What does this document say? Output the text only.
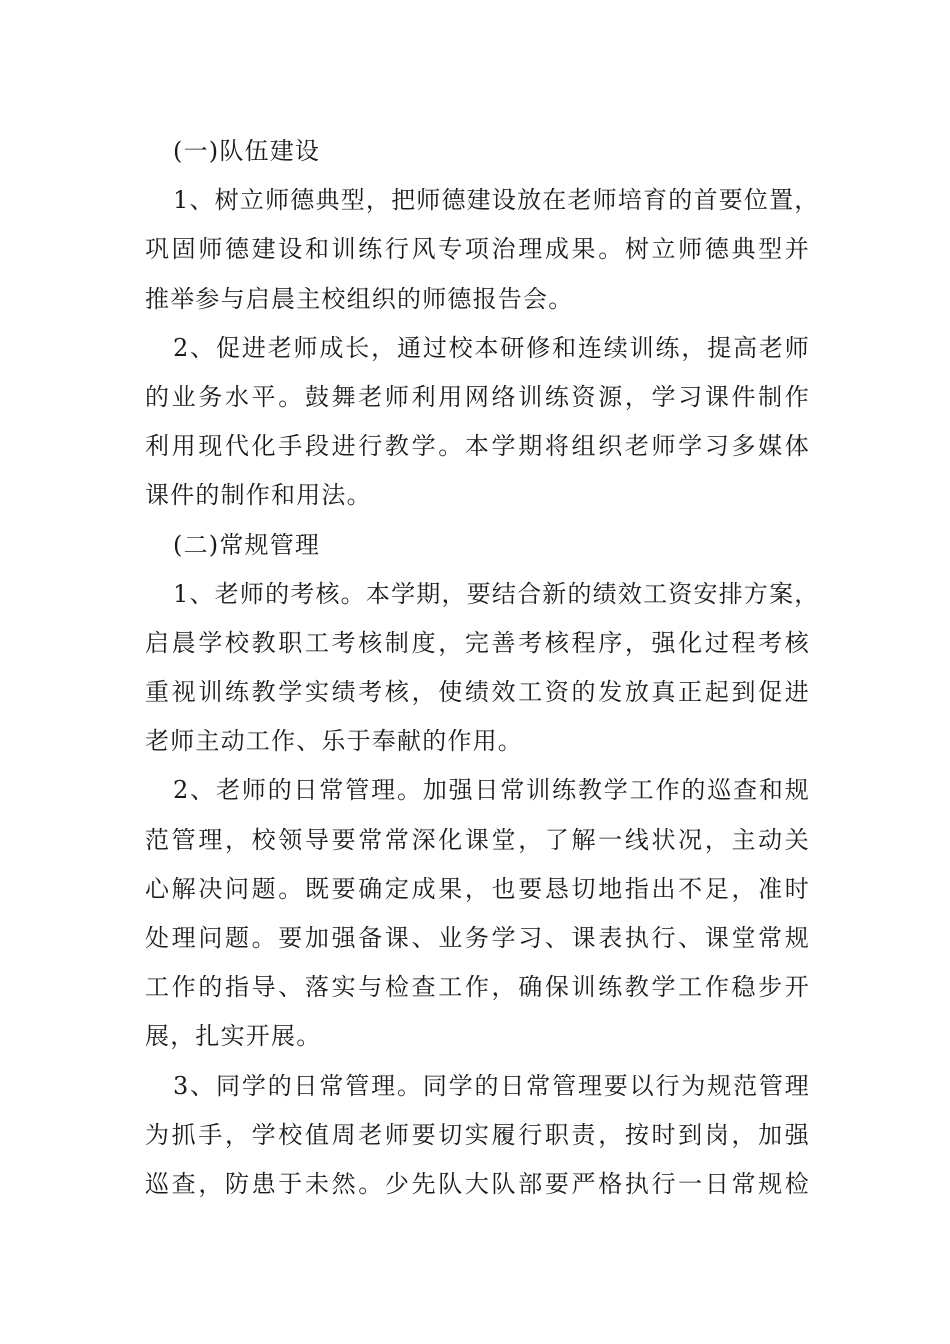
(一)队伍建设
1、树立师德典型，把师德建设放在老师培育的首要位置，
巩固师德建设和训练行风专项治理成果。树立师德典型并
推举参与启晨主校组织的师德报告会。
2、促进老师成长，通过校本研修和连续训练，提高老师
的业务水平。鼓舞老师利用网络训练资源，学习课件制作
利用现代化手段进行教学。本学期将组织老师学习多媒体
课件的制作和用法。
(二)常规管理
1、老师的考核。本学期，要结合新的绩效工资安排方案，
启晨学校教职工考核制度，完善考核程序，强化过程考核
重视训练教学实绩考核，使绩效工资的发放真正起到促进
老师主动工作、乐于奉献的作用。
2、老师的日常管理。加强日常训练教学工作的巡查和规
范管理，校领导要常常深化课堂，了解一线状况，主动关
心解决问题。既要确定成果，也要恳切地指出不足，准时
处理问题。要加强备课、业务学习、课表执行、课堂常规
工作的指导、落实与检查工作，确保训练教学工作稳步开
展，扎实开展。
3、同学的日常管理。同学的日常管理要以行为规范管理
为抓手，学校值周老师要切实履行职责，按时到岗，加强
巡查，防患于未然。少先队大队部要严格执行一日常规检
